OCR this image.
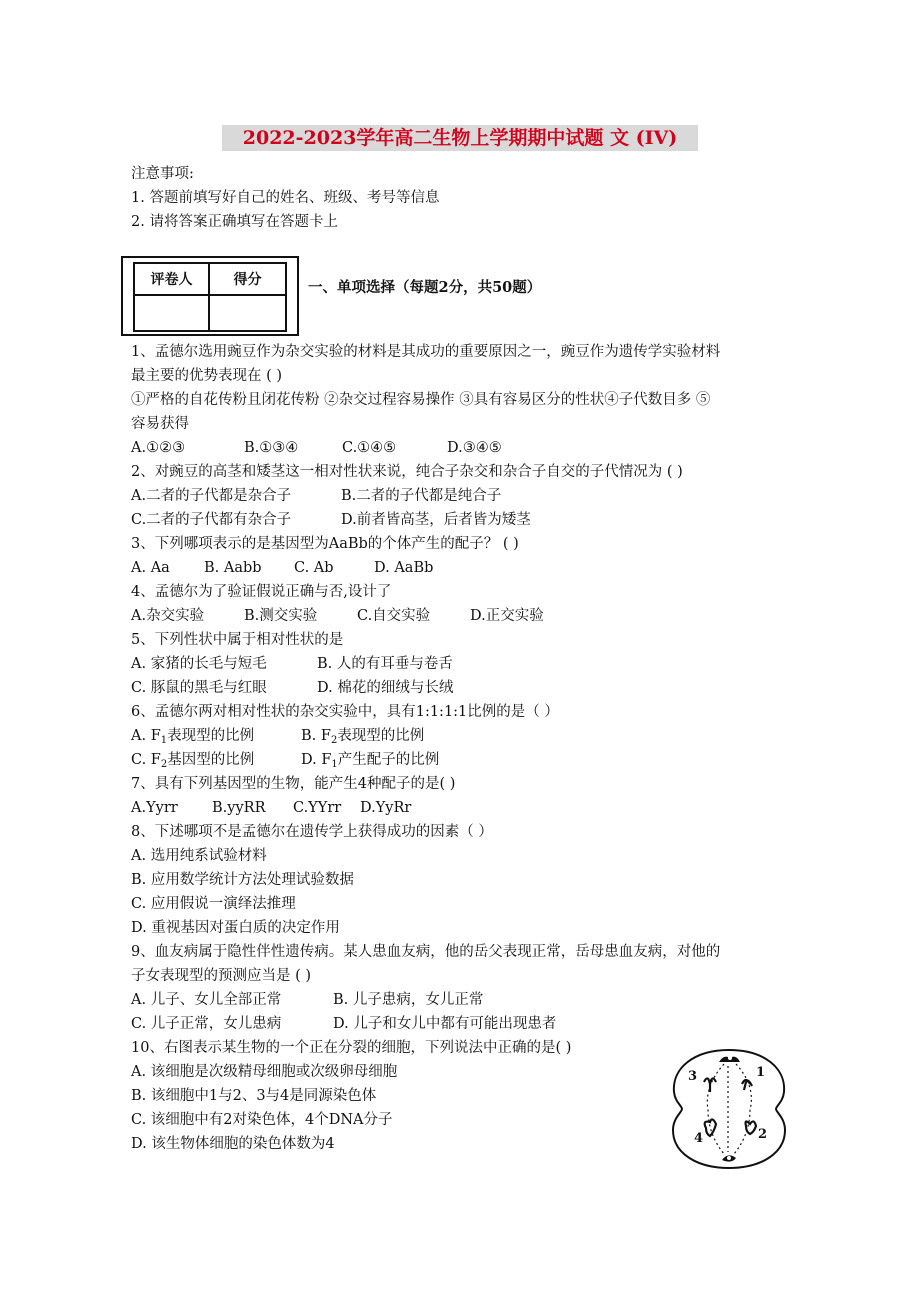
2022-2023学年高二生物上学期期中试题 文 (IV)
注意事项:
1. 答题前填写好自己的姓名、班级、考号等信息
2. 请将答案正确填写在答题卡上
评卷人	得分	一、单项选择（每题2分，共50题）
1、孟德尔选用豌豆作为杂交实验的材料是其成功的重要原因之一，豌豆作为遗传学实验材料
最主要的优势表现在 ( )
①严格的自花传粉且闭花传粉 ②杂交过程容易操作 ③具有容易区分的性状④子代数目多 ⑤
容易获得
A.①②③	B.①③④	C.①④⑤	D.③④⑤
2、对豌豆的高茎和矮茎这一相对性状来说，纯合子杂交和杂合子自交的子代情况为 ( )
A.二者的子代都是杂合子	B.二者的子代都是纯合子
C.二者的子代都有杂合子	D.前者皆高茎，后者皆为矮茎
3、下列哪项表示的是基因型为AaBb的个体产生的配子？ ( )
A. Aa	B. Aabb	C. Ab	D. AaBb
4、孟德尔为了验证假说正确与否,设计了
A.杂交实验	B.测交实验	C.自交实验	D.正交实验
5、下列性状中属于相对性状的是
A. 家猪的长毛与短毛	B. 人的有耳垂与卷舌
C. 豚鼠的黑毛与红眼	D. 棉花的细绒与长绒
6、孟德尔两对相对性状的杂交实验中，具有1:1:1:1比例的是（ ）
A. $F_1$表现型的比例	B. $F_2$表现型的比例
C. $F_2$基因型的比例	D. $F_1$产生配子的比例
7、具有下列基因型的生物，能产生4种配子的是( )
A.Yyrr	B.yyRR	C.YYrr	D.YyRr
8、下述哪项不是孟德尔在遗传学上获得成功的因素（ ）
A. 选用纯系试验材料
B. 应用数学统计方法处理试验数据
C. 应用假说一演绎法推理
D. 重视基因对蛋白质的决定作用
9、血友病属于隐性伴性遗传病。某人患血友病，他的岳父表现正常，岳母患血友病，对他的
子女表现型的预测应当是 ( )
A. 儿子、女儿全部正常	B. 儿子患病，女儿正常
C. 儿子正常，女儿患病	D. 儿子和女儿中都有可能出现患者
10、右图表示某生物的一个正在分裂的细胞，下列说法中正确的是( )
A. 该细胞是次级精母细胞或次级卵母细胞
B. 该细胞中1与2、3与4是同源染色体
C. 该细胞中有2对染色体，4个DNA分子
D. 该生物体细胞的染色体数为4
1
2
3
4
